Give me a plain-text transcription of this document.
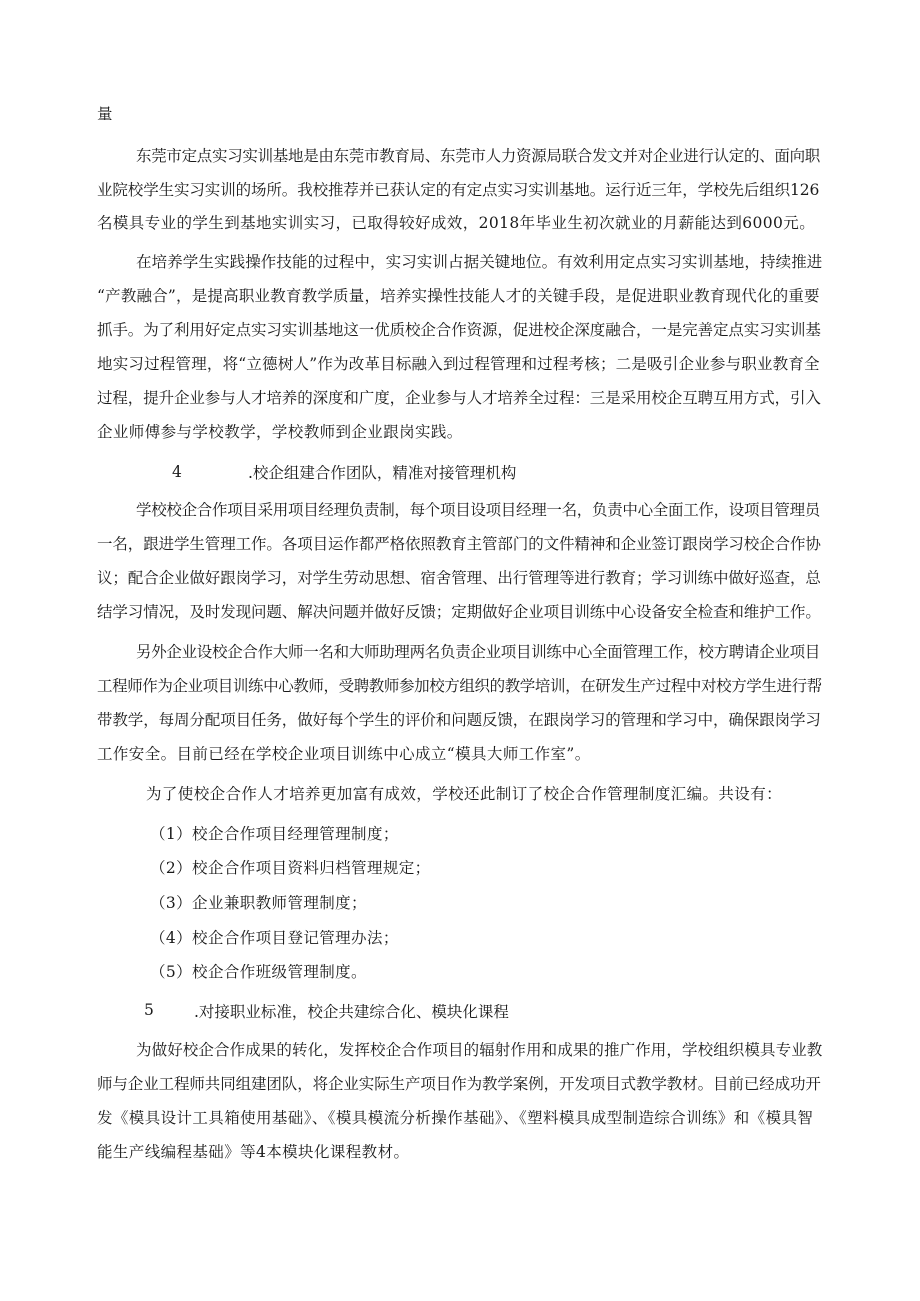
量
东莞市定点实习实训基地是由东莞市教育局、东莞市人力资源局联合发文并对企业进行认定的、面向职
业院校学生实习实训的场所。我校推荐并已获认定的有定点实习实训基地。运行近三年，学校先后组织126
名模具专业的学生到基地实训实习，已取得较好成效，2018年毕业生初次就业的月薪能达到6000元。
在培养学生实践操作技能的过程中，实习实训占据关键地位。有效利用定点实习实训基地，持续推进
“产教融合”，是提高职业教育教学质量，培养实操性技能人才的关键手段，是促进职业教育现代化的重要
抓手。为了利用好定点实习实训基地这一优质校企合作资源，促进校企深度融合，一是完善定点实习实训基
地实习过程管理，将“立德树人”作为改革目标融入到过程管理和过程考核；二是吸引企业参与职业教育全
过程，提升企业参与人才培养的深度和广度，企业参与人才培养全过程：三是采用校企互聘互用方式，引入
企业师傅参与学校教学，学校教师到企业跟岗实践。
4	.校企组建合作团队，精准对接管理机构
学校校企合作项目采用项目经理负责制，每个项目设项目经理一名，负责中心全面工作，设项目管理员
一名，跟进学生管理工作。各项目运作都严格依照教育主管部门的文件精神和企业签订跟岗学习校企合作协
议；配合企业做好跟岗学习，对学生劳动思想、宿舍管理、出行管理等进行教育；学习训练中做好巡查，总
结学习情况，及时发现问题、解决问题并做好反馈；定期做好企业项目训练中心设备安全检查和维护工作。
另外企业设校企合作大师一名和大师助理两名负责企业项目训练中心全面管理工作，校方聘请企业项目
工程师作为企业项目训练中心教师，受聘教师参加校方组织的教学培训，在研发生产过程中对校方学生进行帮
带教学，每周分配项目任务，做好每个学生的评价和问题反馈，在跟岗学习的管理和学习中，确保跟岗学习
工作安全。目前已经在学校企业项目训练中心成立“模具大师工作室”。
为了使校企合作人才培养更加富有成效，学校还此制订了校企合作管理制度汇编。共设有：
（1）校企合作项目经理管理制度；
（2）校企合作项目资料归档管理规定；
（3）企业兼职教师管理制度；
（4）校企合作项目登记管理办法；
（5）校企合作班级管理制度。
5	.对接职业标准，校企共建综合化、模块化课程
为做好校企合作成果的转化，发挥校企合作项目的辐射作用和成果的推广作用，学校组织模具专业教
师与企业工程师共同组建团队，将企业实际生产项目作为教学案例，开发项目式教学教材。目前已经成功开
发《模具设计工具箱使用基础》、《模具模流分析操作基础》、《塑料模具成型制造综合训练》和《模具智
能生产线编程基础》等4本模块化课程教材。
